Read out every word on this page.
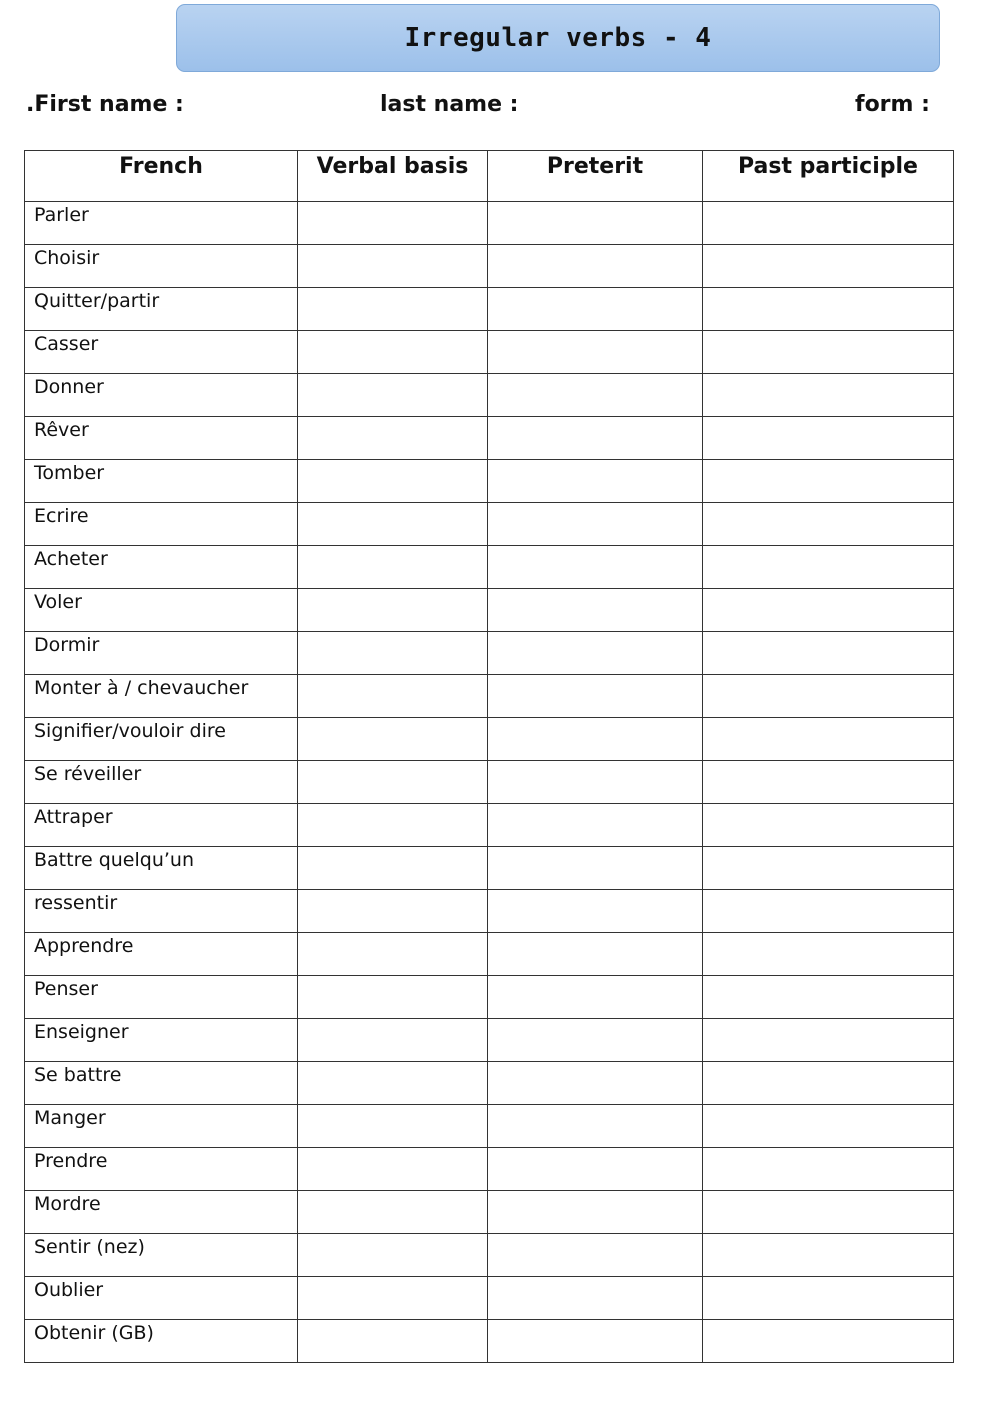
Irregular verbs - 4
.First name :	last name :	form :
French	Verbal basis	Preterit	Past participle
Parler			
Choisir			
Quitter/partir			
Casser			
Donner			
Rêver			
Tomber			
Ecrire			
Acheter			
Voler			
Dormir			
Monter à / chevaucher			
Signifier/vouloir dire			
Se réveiller			
Attraper			
Battre quelqu’un			
ressentir			
Apprendre			
Penser			
Enseigner			
Se battre			
Manger			
Prendre			
Mordre			
Sentir (nez)			
Oublier			
Obtenir (GB)			
